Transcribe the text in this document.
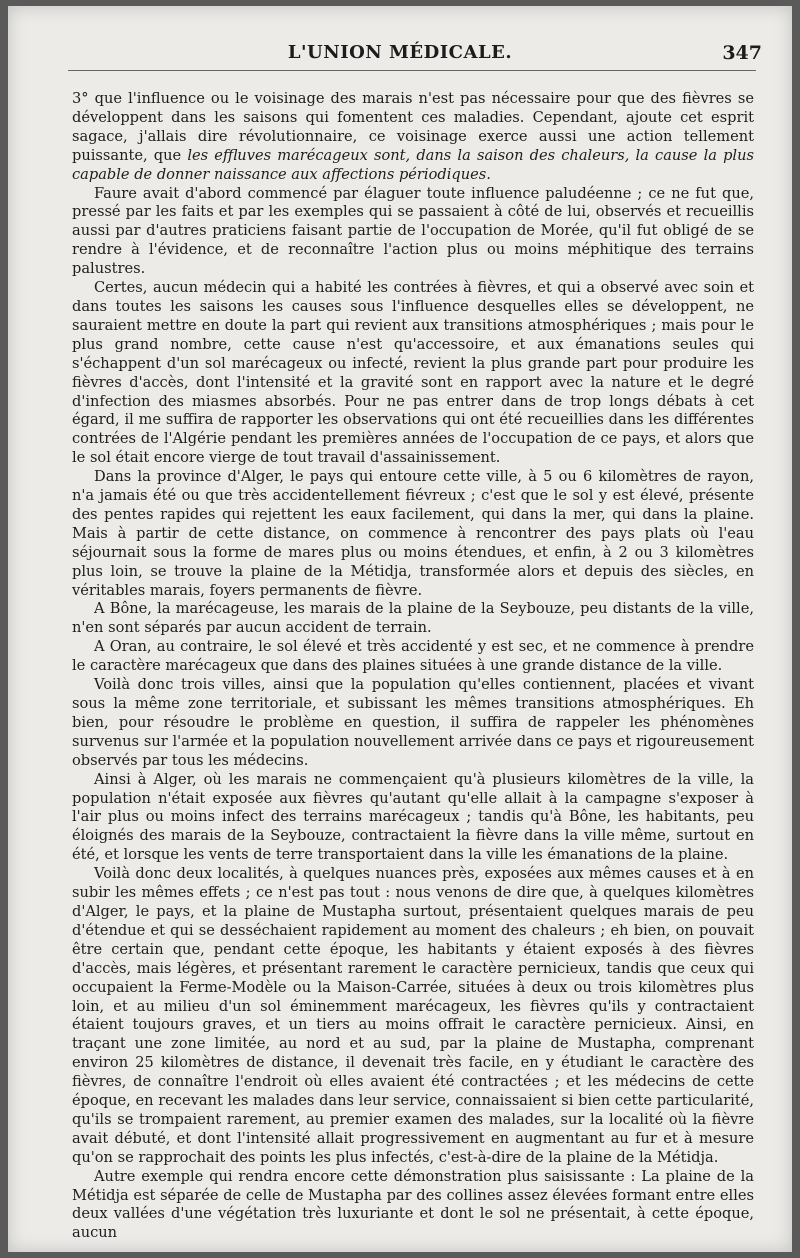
L'UNION MÉDICALE.	347

3° que l'influence ou le voisinage des marais n'est pas nécessaire pour que des fièvres se développent dans les saisons qui fomentent ces maladies. Cependant, ajoute cet esprit sagace, j'allais dire révolutionnaire, ce voisinage exerce aussi une action tellement puissante, que les effluves marécageux sont, dans la saison des chaleurs, la cause la plus capable de donner naissance aux affections périodiques.

Faure avait d'abord commencé par élaguer toute influence paludéenne ; ce ne fut que, pressé par les faits et par les exemples qui se passaient à côté de lui, observés et recueillis aussi par d'autres praticiens faisant partie de l'occupation de Morée, qu'il fut obligé de se rendre à l'évidence, et de reconnaître l'action plus ou moins méphitique des terrains palustres.

Certes, aucun médecin qui a habité les contrées à fièvres, et qui a observé avec soin et dans toutes les saisons les causes sous l'influence desquelles elles se développent, ne sauraient mettre en doute la part qui revient aux transitions atmosphériques ; mais pour le plus grand nombre, cette cause n'est qu'accessoire, et aux émanations seules qui s'échappent d'un sol marécageux ou infecté, revient la plus grande part pour produire les fièvres d'accès, dont l'intensité et la gravité sont en rapport avec la nature et le degré d'infection des miasmes absorbés. Pour ne pas entrer dans de trop longs débats à cet égard, il me suffira de rapporter les observations qui ont été recueillies dans les différentes contrées de l'Algérie pendant les premières années de l'occupation de ce pays, et alors que le sol était encore vierge de tout travail d'assainissement.

Dans la province d'Alger, le pays qui entoure cette ville, à 5 ou 6 kilomètres de rayon, n'a jamais été ou que très accidentellement fiévreux ; c'est que le sol y est élevé, présente des pentes rapides qui rejettent les eaux facilement, qui dans la mer, qui dans la plaine. Mais à partir de cette distance, on commence à rencontrer des pays plats où l'eau séjournait sous la forme de mares plus ou moins étendues, et enfin, à 2 ou 3 kilomètres plus loin, se trouve la plaine de la Métidja, transformée alors et depuis des siècles, en véritables marais, foyers permanents de fièvre.

A Bône, la marécageuse, les marais de la plaine de la Seybouze, peu distants de la ville, n'en sont séparés par aucun accident de terrain.

A Oran, au contraire, le sol élevé et très accidenté y est sec, et ne commence à prendre le caractère marécageux que dans des plaines situées à une grande distance de la ville.

Voilà donc trois villes, ainsi que la population qu'elles contiennent, placées et vivant sous la même zone territoriale, et subissant les mêmes transitions atmosphériques. Eh bien, pour résoudre le problème en question, il suffira de rappeler les phénomènes survenus sur l'armée et la population nouvellement arrivée dans ce pays et rigoureusement observés par tous les médecins.

Ainsi à Alger, où les marais ne commençaient qu'à plusieurs kilomètres de la ville, la population n'était exposée aux fièvres qu'autant qu'elle allait à la campagne s'exposer à l'air plus ou moins infect des terrains marécageux ; tandis qu'à Bône, les habitants, peu éloignés des marais de la Seybouze, contractaient la fièvre dans la ville même, surtout en été, et lorsque les vents de terre transportaient dans la ville les émanations de la plaine.

Voilà donc deux localités, à quelques nuances près, exposées aux mêmes causes et à en subir les mêmes effets ; ce n'est pas tout : nous venons de dire que, à quelques kilomètres d'Alger, le pays, et la plaine de Mustapha surtout, présentaient quelques marais de peu d'étendue et qui se desséchaient rapidement au moment des chaleurs ; eh bien, on pouvait être certain que, pendant cette époque, les habitants y étaient exposés à des fièvres d'accès, mais légères, et présentant rarement le caractère pernicieux, tandis que ceux qui occupaient la Ferme-Modèle ou la Maison-Carrée, situées à deux ou trois kilomètres plus loin, et au milieu d'un sol éminemment marécageux, les fièvres qu'ils y contractaient étaient toujours graves, et un tiers au moins offrait le caractère pernicieux. Ainsi, en traçant une zone limitée, au nord et au sud, par la plaine de Mustapha, comprenant environ 25 kilomètres de distance, il devenait très facile, en y étudiant le caractère des fièvres, de connaître l'endroit où elles avaient été contractées ; et les médecins de cette époque, en recevant les malades dans leur service, connaissaient si bien cette particularité, qu'ils se trompaient rarement, au premier examen des malades, sur la localité où la fièvre avait débuté, et dont l'intensité allait progressivement en augmentant au fur et à mesure qu'on se rapprochait des points les plus infectés, c'est-à-dire de la plaine de la Métidja.

Autre exemple qui rendra encore cette démonstration plus saisissante : La plaine de la Métidja est séparée de celle de Mustapha par des collines assez élevées formant entre elles deux vallées d'une végétation très luxuriante et dont le sol ne présentait, à cette époque, aucun
